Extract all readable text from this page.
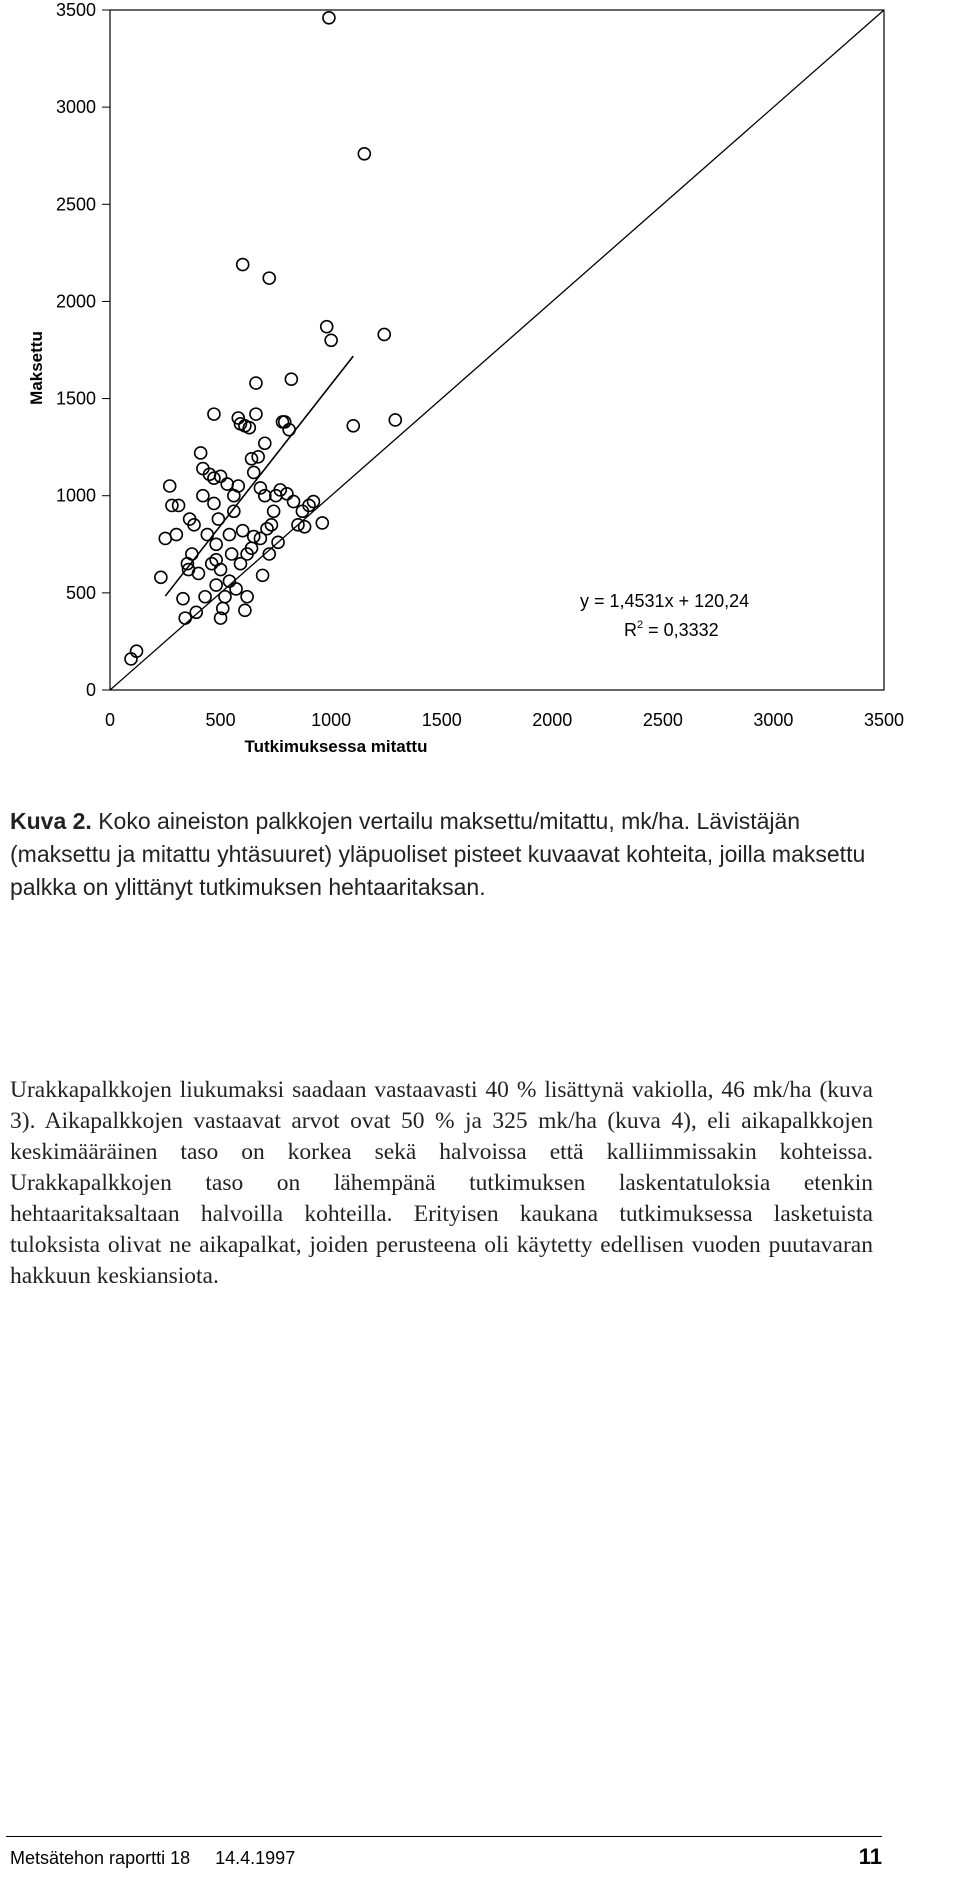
0
500
1000
1500
2000
2500
3000
3500
0	500	1000	1500	2000	2500	3000	3500
Tutkimuksessa mitattu
Maksettu
y = 1,4531x + 120,24
$R^2 = 0,3332$

Kuva 2. Koko aineiston palkkojen vertailu maksettu/mitattu, mk/ha. Lävistäjän (maksettu ja mitattu yhtäsuuret) yläpuoliset pisteet kuvaavat kohteita, joilla maksettu palkka on ylittänyt tutkimuksen hehtaaritaksan.

Urakkapalkkojen liukumaksi saadaan vastaavasti 40 % lisättynä vakiolla, 46 mk/ha (kuva 3). Aikapalkkojen vastaavat arvot ovat 50 % ja 325 mk/ha (kuva 4), eli aikapalkkojen keskimääräinen taso on korkea sekä halvoissa että kalliimmissakin kohteissa. Urakkapalkkojen taso on lähempänä tutkimuksen laskentatuloksia etenkin hehtaaritaksaltaan halvoilla kohteilla. Erityisen kaukana tutkimuksessa lasketuista tuloksista olivat ne aikapalkat, joiden perusteena oli käytetty edellisen vuoden puutavaran hakkuun keskiansiota.

Metsätehon raportti 18 14.4.1997	11
